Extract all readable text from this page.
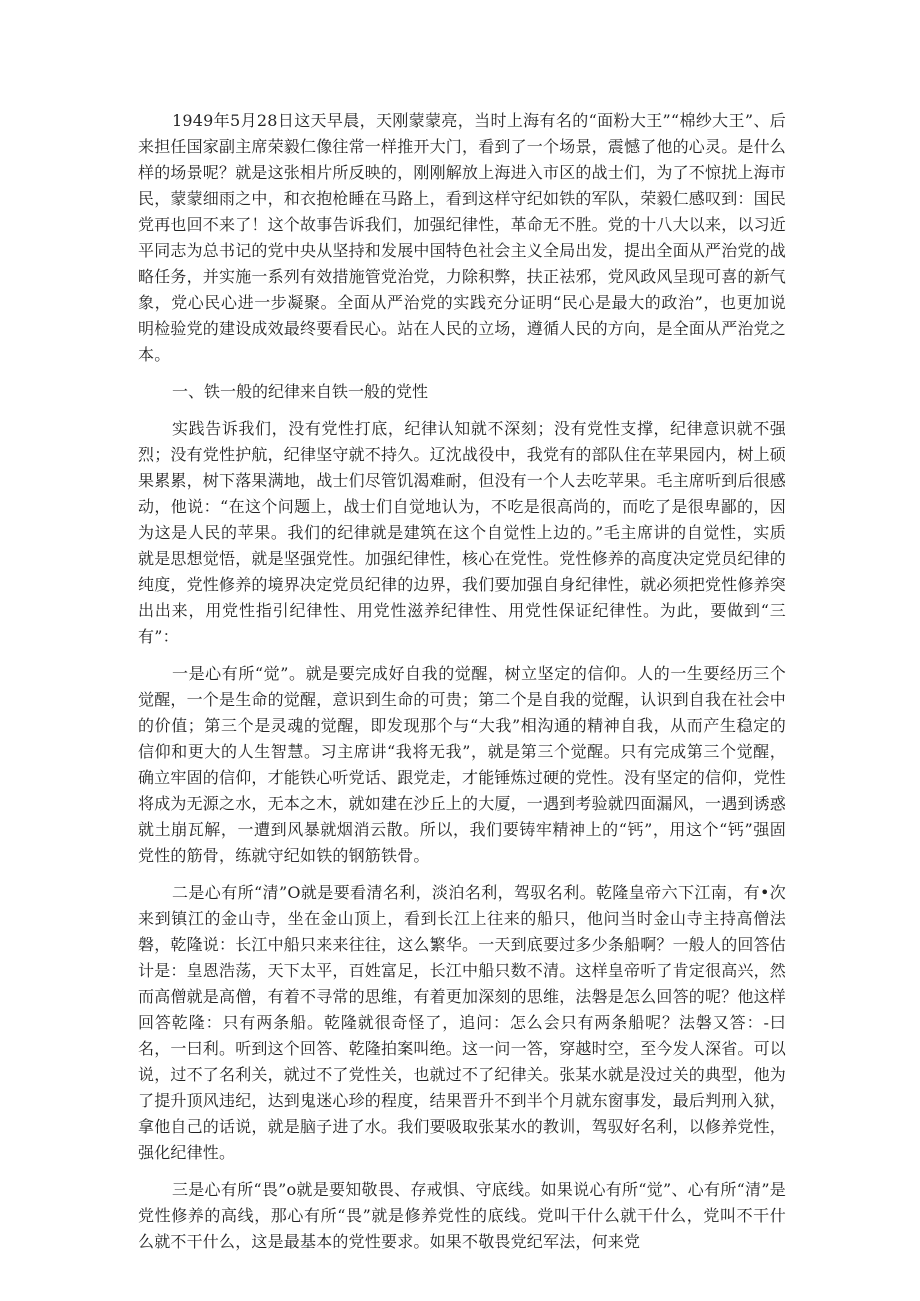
1949年5月28日这天早晨，天刚蒙蒙亮，当时上海有名的“面粉大王”“棉纱大王”、后来担任国家副主席荣毅仁像往常一样推开大门，看到了一个场景，震憾了他的心灵。是什么样的场景呢？就是这张相片所反映的，刚刚解放上海进入市区的战士们，为了不惊扰上海市民，蒙蒙细雨之中，和衣抱枪睡在马路上，看到这样守纪如铁的军队，荣毅仁感叹到：国民党再也回不来了！这个故事告诉我们，加强纪律性，革命无不胜。党的十八大以来，以习近平同志为总书记的党中央从坚持和发展中国特色社会主义全局出发，提出全面从严治党的战略任务，并实施一系列有效措施管党治党，力除积弊，扶正祛邪，党风政风呈现可喜的新气象，党心民心进一步凝聚。全面从严治党的实践充分证明“民心是最大的政治”，也更加说明检验党的建设成效最终要看民心。站在人民的立场，遵循人民的方向，是全面从严治党之本。

一、铁一般的纪律来自铁一般的党性

实践告诉我们，没有党性打底，纪律认知就不深刻；没有党性支撑，纪律意识就不强烈；没有党性护航，纪律坚守就不持久。辽沈战役中，我党有的部队住在苹果园内，树上硕果累累，树下落果满地，战士们尽管饥渴难耐，但没有一个人去吃苹果。毛主席听到后很感动，他说：“在这个问题上，战士们自觉地认为，不吃是很高尚的，而吃了是很卑鄙的，因为这是人民的苹果。我们的纪律就是建筑在这个自觉性上边的。”毛主席讲的自觉性，实质就是思想觉悟，就是坚强党性。加强纪律性，核心在党性。党性修养的高度决定党员纪律的纯度，党性修养的境界决定党员纪律的边界，我们要加强自身纪律性，就必须把党性修养突出出来，用党性指引纪律性、用党性滋养纪律性、用党性保证纪律性。为此，要做到“三有”：

一是心有所“觉”。就是要完成好自我的觉醒，树立坚定的信仰。人的一生要经历三个觉醒，一个是生命的觉醒，意识到生命的可贵；第二个是自我的觉醒，认识到自我在社会中的价值；第三个是灵魂的觉醒，即发现那个与“大我”相沟通的精神自我，从而产生稳定的信仰和更大的人生智慧。习主席讲“我将无我”，就是第三个觉醒。只有完成第三个觉醒，确立牢固的信仰，才能铁心听党话、跟党走，才能锤炼过硬的党性。没有坚定的信仰，党性将成为无源之水，无本之木，就如建在沙丘上的大厦，一遇到考验就四面漏风，一遇到诱惑就土崩瓦解，一遭到风暴就烟消云散。所以，我们要铸牢精神上的“钙”，用这个“钙”强固党性的筋骨，练就守纪如铁的钢筋铁骨。

二是心有所“清”O就是要看清名利，淡泊名利，驾驭名利。乾隆皇帝六下江南，有•次来到镇江的金山寺，坐在金山顶上，看到长江上往来的船只，他问当时金山寺主持高僧法磐，乾隆说：长江中船只来来往往，这么繁华。一天到底要过多少条船啊？一般人的回答估计是：皇恩浩荡，天下太平，百姓富足，长江中船只数不清。这样皇帝听了肯定很高兴，然而高僧就是高僧，有着不寻常的思维，有着更加深刻的思维，法磐是怎么回答的呢？他这样回答乾隆：只有两条船。乾隆就很奇怪了，追问：怎么会只有两条船呢？法磐又答：-曰名，一曰利。听到这个回答、乾隆拍案叫绝。这一问一答，穿越时空，至今发人深省。可以说，过不了名利关，就过不了党性关，也就过不了纪律关。张某水就是没过关的典型，他为了提升顶风违纪，达到鬼迷心珍的程度，结果晋升不到半个月就东窗事发，最后判刑入狱，拿他自己的话说，就是脑子进了水。我们要吸取张某水的教训，驾驭好名利，以修养党性，强化纪律性。

三是心有所“畏”o就是要知敬畏、存戒惧、守底线。如果说心有所“觉”、心有所“清”是党性修养的高线，那心有所“畏”就是修养党性的底线。党叫干什么就干什么，党叫不干什么就不干什么，这是最基本的党性要求。如果不敬畏党纪军法，何来党
